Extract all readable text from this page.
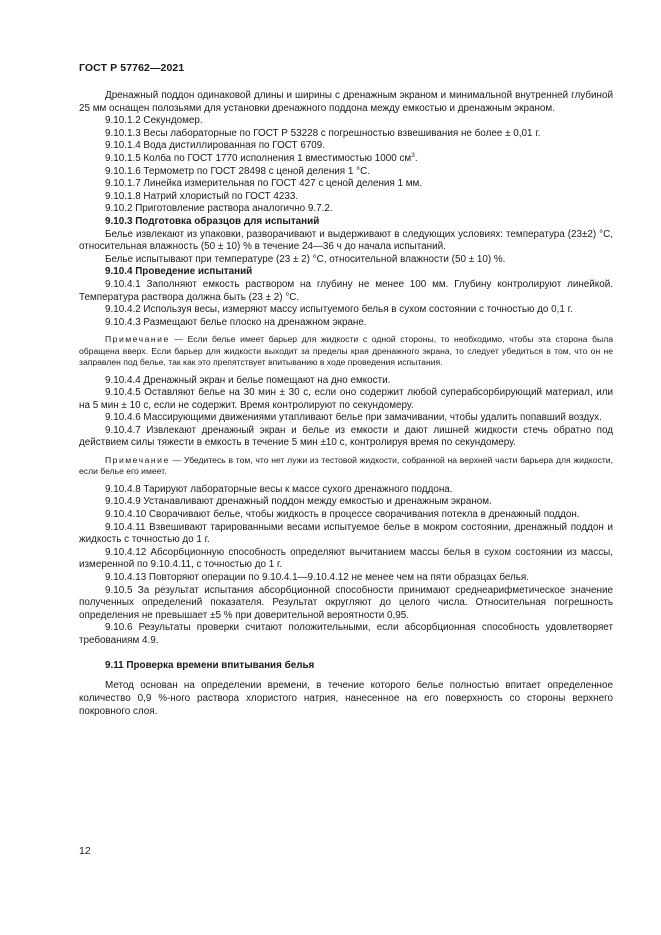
ГОСТ Р 57762—2021

Дренажный поддон одинаковой длины и ширины с дренажным экраном и минимальной внутренней глубиной 25 мм оснащен полозьями для установки дренажного поддона между емкостью и дренажным экраном.

9.10.1.2 Секундомер.

9.10.1.3 Весы лабораторные по ГОСТ Р 53228 с погрешностью взвешивания не более ± 0,01 г.

9.10.1.4 Вода дистиллированная по ГОСТ 6709.

9.10.1.5 Колба по ГОСТ 1770 исполнения 1 вместимостью 1000 $см^3$.

9.10.1.6 Термометр по ГОСТ 28498 с ценой деления 1 °С.

9.10.1.7 Линейка измерительная по ГОСТ 427 с ценой деления 1 мм.

9.10.1.8 Натрий хлористый по ГОСТ 4233.

9.10.2 Приготовление раствора аналогично 9.7.2.

9.10.3 Подготовка образцов для испытаний

Белье извлекают из упаковки, разворачивают и выдерживают в следующих условиях: температура (23±2) °С, относительная влажность (50 ± 10) % в течение 24—36 ч до начала испытаний.

Белье испытывают при температуре (23 ± 2) °С, относительной влажности (50 ± 10) %.

9.10.4 Проведение испытаний

9.10.4.1 Заполняют емкость раствором на глубину не менее 100 мм. Глубину контролируют линейкой. Температура раствора должна быть (23 ± 2) °С.

9.10.4.2 Используя весы, измеряют массу испытуемого белья в сухом состоянии с точностью до 0,1 г.

9.10.4.3 Размещают белье плоско на дренажном экране.

Примечание — Если белье имеет барьер для жидкости с одной стороны, то необходимо, чтобы эта сторона была обращена вверх. Если барьер для жидкости выходит за пределы края дренажного экрана, то следует убедиться в том, что он не заправлен под белье, так как это препятствует впитыванию в ходе проведения испытания.

9.10.4.4 Дренажный экран и белье помещают на дно емкости.

9.10.4.5 Оставляют белье на 30 мин ± 30 с, если оно содержит любой суперабсорбирующий материал, или на 5 мин ± 10 с, если не содержит. Время контролируют по секундомеру.

9.10.4.6 Массирующими движениями утапливают белье при замачивании, чтобы удалить попавший воздух.

9.10.4.7 Извлекают дренажный экран и белье из емкости и дают лишней жидкости стечь обратно под действием силы тяжести в емкость в течение 5 мин ±10 с, контролируя время по секундомеру.

Примечание — Убедитесь в том, что нет лужи из тестовой жидкости, собранной на верхней части барьера для жидкости, если белье его имеет.

9.10.4.8 Тарируют лабораторные весы к массе сухого дренажного поддона.

9.10.4.9 Устанавливают дренажный поддон между емкостью и дренажным экраном.

9.10.4.10 Сворачивают белье, чтобы жидкость в процессе сворачивания потекла в дренажный поддон.

9.10.4.11 Взвешивают тарированными весами испытуемое белье в мокром состоянии, дренажный поддон и жидкость с точностью до 1 г.

9.10.4.12 Абсорбционную способность определяют вычитанием массы белья в сухом состоянии из массы, измеренной по 9.10.4.11, с точностью до 1 г.

9.10.4.13 Повторяют операции по 9.10.4.1—9.10.4.12 не менее чем на пяти образцах белья.

9.10.5 За результат испытания абсорбционной способности принимают среднеарифметическое значение полученных определений показателя. Результат округляют до целого числа. Относительная погрешность определения не превышает ±5 % при доверительной вероятности 0,95.

9.10.6 Результаты проверки считают положительными, если абсорбционная способность удовлетворяет требованиям 4.9.

9.11 Проверка времени впитывания белья

Метод основан на определении времени, в течение которого белье полностью впитает определенное количество 0,9 %-ного раствора хлористого натрия, нанесенное на его поверхность со стороны верхнего покровного слоя.

12
